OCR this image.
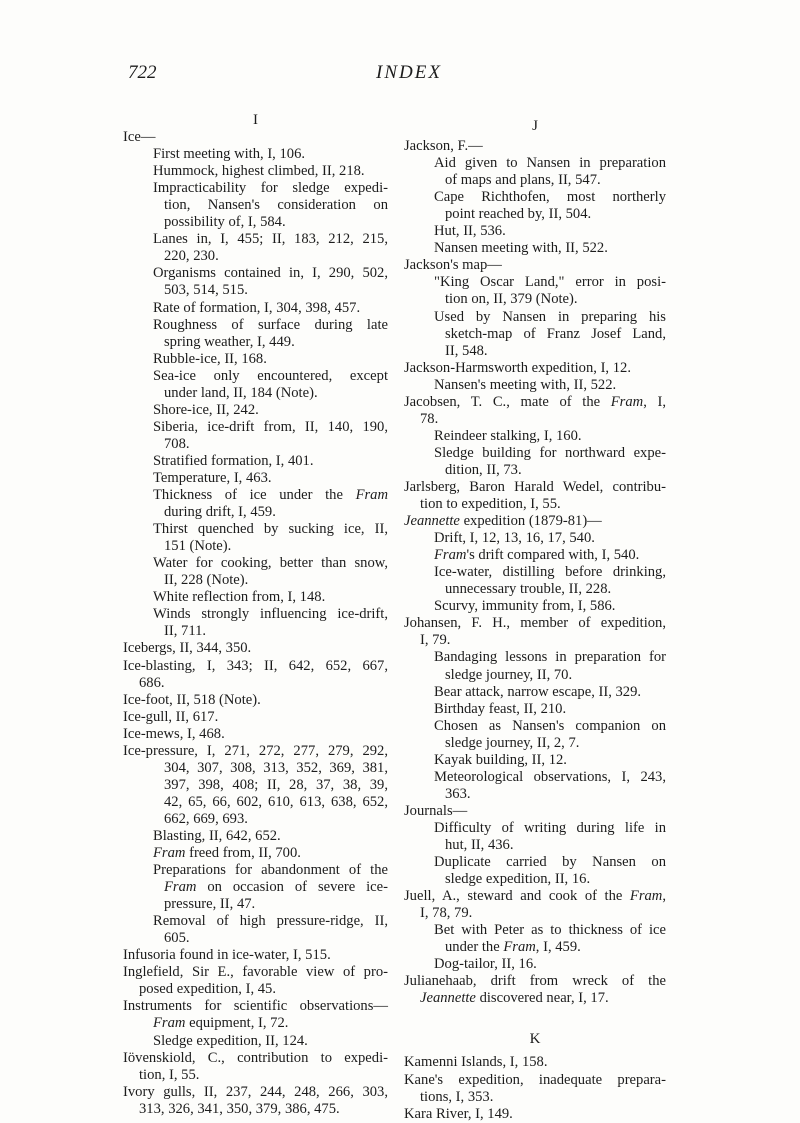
722	INDEX
I
Ice—
First meeting with, I, 106.
Hummock, highest climbed, II, 218.
Impracticability for sledge expedi-
tion, Nansen's consideration on
possibility of, I, 584.
Lanes in, I, 455; II, 183, 212, 215,
220, 230.
Organisms contained in, I, 290, 502,
503, 514, 515.
Rate of formation, I, 304, 398, 457.
Roughness of surface during late
spring weather, I, 449.
Rubble-ice, II, 168.
Sea-ice only encountered, except
under land, II, 184 (Note).
Shore-ice, II, 242.
Siberia, ice-drift from, II, 140, 190,
708.
Stratified formation, I, 401.
Temperature, I, 463.
Thickness of ice under the Fram
during drift, I, 459.
Thirst quenched by sucking ice, II,
151 (Note).
Water for cooking, better than snow,
II, 228 (Note).
White reflection from, I, 148.
Winds strongly influencing ice-drift,
II, 711.
Icebergs, II, 344, 350.
Ice-blasting, I, 343; II, 642, 652, 667,
686.
Ice-foot, II, 518 (Note).
Ice-gull, II, 617.
Ice-mews, I, 468.
Ice-pressure, I, 271, 272, 277, 279, 292,
304, 307, 308, 313, 352, 369, 381,
397, 398, 408; II, 28, 37, 38, 39,
42, 65, 66, 602, 610, 613, 638, 652,
662, 669, 693.
Blasting, II, 642, 652.
Fram freed from, II, 700.
Preparations for abandonment of the
Fram on occasion of severe ice-
pressure, II, 47.
Removal of high pressure-ridge, II,
605.
Infusoria found in ice-water, I, 515.
Inglefield, Sir E., favorable view of pro-
posed expedition, I, 45.
Instruments for scientific observations—
Fram equipment, I, 72.
Sledge expedition, II, 124.
Iövenskiold, C., contribution to expedi-
tion, I, 55.
Ivory gulls, II, 237, 244, 248, 266, 303,
313, 326, 341, 350, 379, 386, 475.
J
Jackson, F.—
Aid given to Nansen in preparation
of maps and plans, II, 547.
Cape Richthofen, most northerly
point reached by, II, 504.
Hut, II, 536.
Nansen meeting with, II, 522.
Jackson's map—
"King Oscar Land," error in posi-
tion on, II, 379 (Note).
Used by Nansen in preparing his
sketch-map of Franz Josef Land,
II, 548.
Jackson-Harmsworth expedition, I, 12.
Nansen's meeting with, II, 522.
Jacobsen, T. C., mate of the Fram, I,
78.
Reindeer stalking, I, 160.
Sledge building for northward expe-
dition, II, 73.
Jarlsberg, Baron Harald Wedel, contribu-
tion to expedition, I, 55.
Jeannette expedition (1879-81)—
Drift, I, 12, 13, 16, 17, 540.
Fram's drift compared with, I, 540.
Ice-water, distilling before drinking,
unnecessary trouble, II, 228.
Scurvy, immunity from, I, 586.
Johansen, F. H., member of expedition,
I, 79.
Bandaging lessons in preparation for
sledge journey, II, 70.
Bear attack, narrow escape, II, 329.
Birthday feast, II, 210.
Chosen as Nansen's companion on
sledge journey, II, 2, 7.
Kayak building, II, 12.
Meteorological observations, I, 243,
363.
Journals—
Difficulty of writing during life in
hut, II, 436.
Duplicate carried by Nansen on
sledge expedition, II, 16.
Juell, A., steward and cook of the Fram,
I, 78, 79.
Bet with Peter as to thickness of ice
under the Fram, I, 459.
Dog-tailor, II, 16.
Julianehaab, drift from wreck of the
Jeannette discovered near, I, 17.
K
Kamenni Islands, I, 158.
Kane's expedition, inadequate prepara-
tions, I, 353.
Kara River, I, 149.
